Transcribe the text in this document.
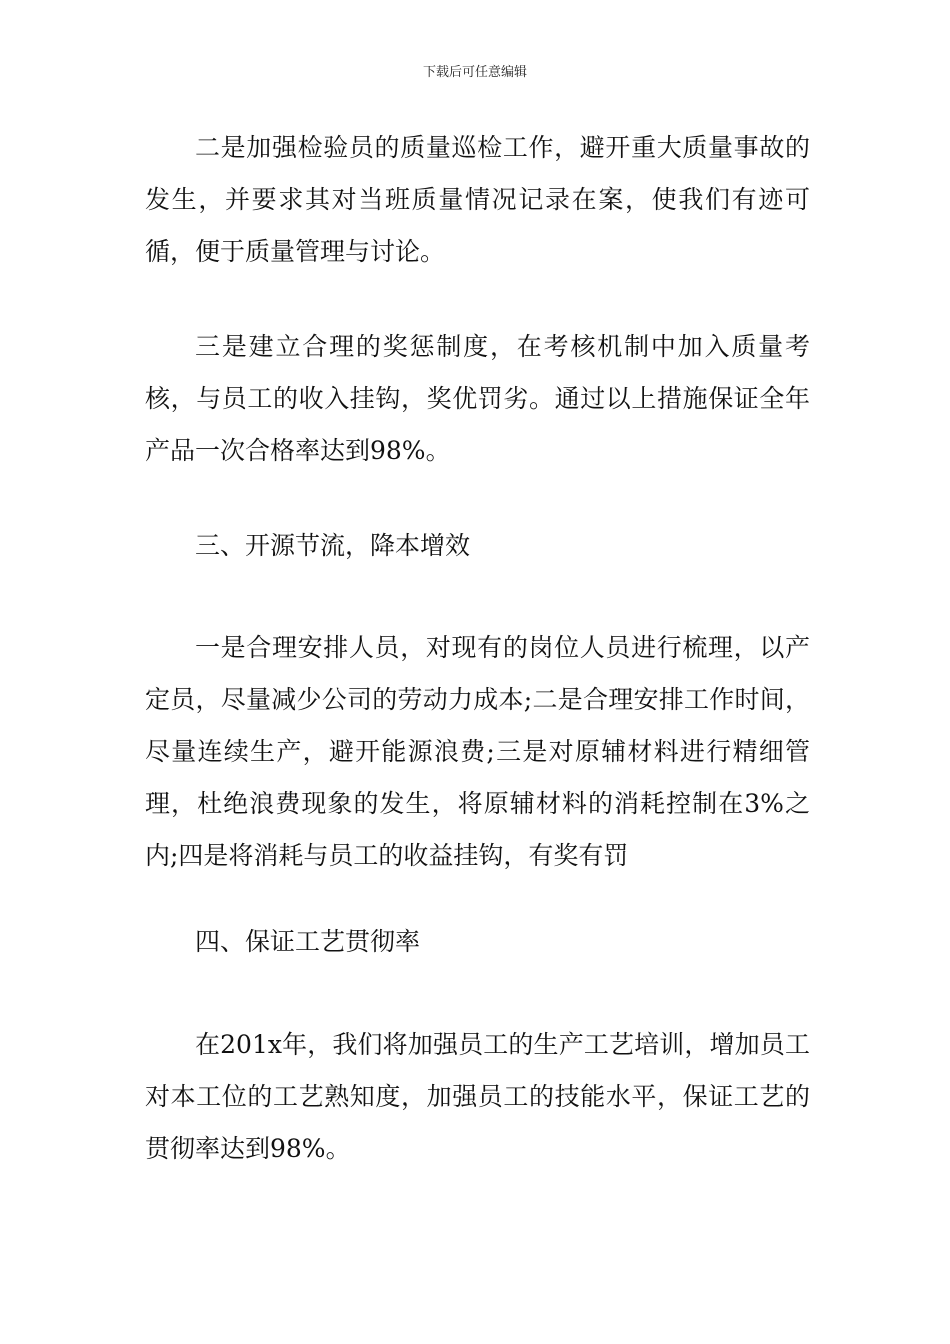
下载后可任意编辑

二是加强检验员的质量巡检工作，避开重大质量事故的发生，并要求其对当班质量情况记录在案，使我们有迹可循，便于质量管理与讨论。

三是建立合理的奖惩制度，在考核机制中加入质量考核，与员工的收入挂钩，奖优罚劣。通过以上措施保证全年产品一次合格率达到98%。

三、开源节流，降本增效

一是合理安排人员，对现有的岗位人员进行梳理，以产定员，尽量减少公司的劳动力成本;二是合理安排工作时间，尽量连续生产，避开能源浪费;三是对原辅材料进行精细管理，杜绝浪费现象的发生，将原辅材料的消耗控制在3%之内;四是将消耗与员工的收益挂钩，有奖有罚

四、保证工艺贯彻率

在201x年，我们将加强员工的生产工艺培训，增加员工对本工位的工艺熟知度，加强员工的技能水平，保证工艺的贯彻率达到98%。
